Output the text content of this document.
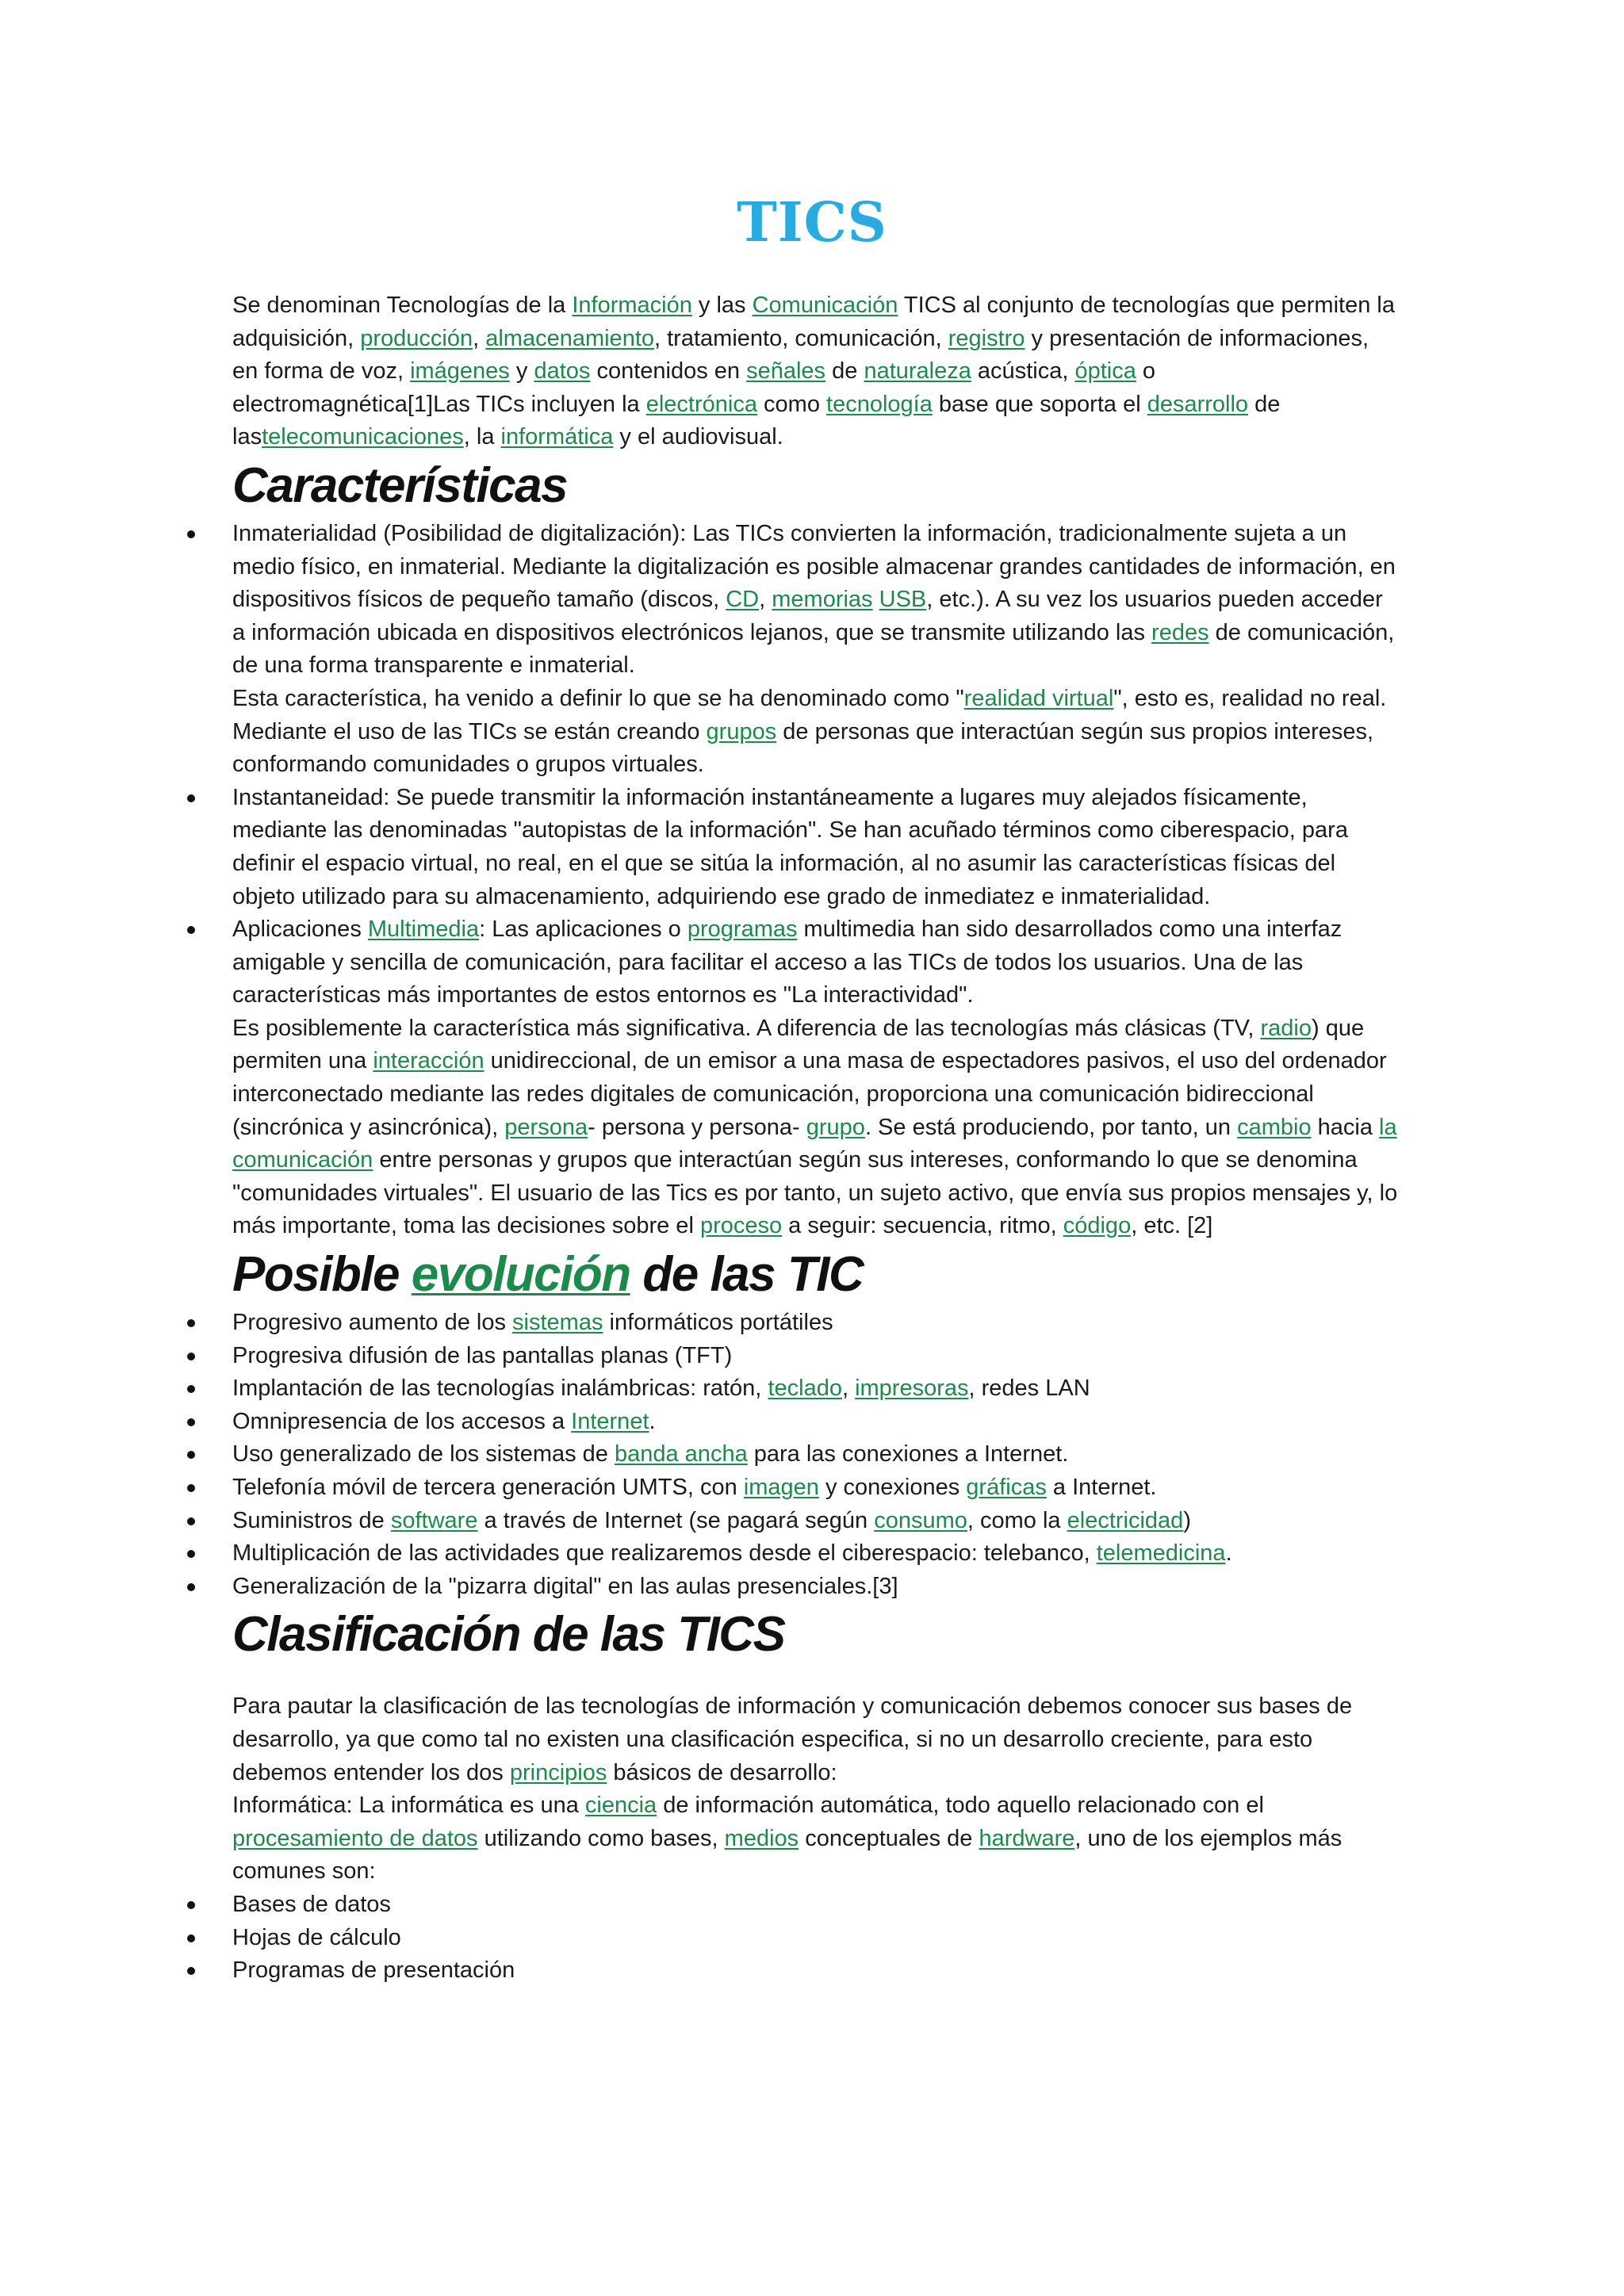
TICS

Se denominan Tecnologías de la Información y las Comunicación TICS al conjunto de tecnologías que permiten la adquisición, producción, almacenamiento, tratamiento, comunicación, registro y presentación de informaciones, en forma de voz, imágenes y datos contenidos en señales de naturaleza acústica, óptica o electromagnética[1]Las TICs incluyen la electrónica como tecnología base que soporta el desarrollo de lastelecomunicaciones, la informática y el audiovisual.

Características
Inmaterialidad (Posibilidad de digitalización): Las TICs convierten la información, tradicionalmente sujeta a un medio físico, en inmaterial. Mediante la digitalización es posible almacenar grandes cantidades de información, en dispositivos físicos de pequeño tamaño (discos, CD, memorias USB, etc.). A su vez los usuarios pueden acceder a información ubicada en dispositivos electrónicos lejanos, que se transmite utilizando las redes de comunicación, de una forma transparente e inmaterial.
Esta característica, ha venido a definir lo que se ha denominado como "realidad virtual", esto es, realidad no real. Mediante el uso de las TICs se están creando grupos de personas que interactúan según sus propios intereses, conformando comunidades o grupos virtuales.
Instantaneidad: Se puede transmitir la información instantáneamente a lugares muy alejados físicamente, mediante las denominadas "autopistas de la información". Se han acuñado términos como ciberespacio, para definir el espacio virtual, no real, en el que se sitúa la información, al no asumir las características físicas del objeto utilizado para su almacenamiento, adquiriendo ese grado de inmediatez e inmaterialidad.
Aplicaciones Multimedia: Las aplicaciones o programas multimedia han sido desarrollados como una interfaz amigable y sencilla de comunicación, para facilitar el acceso a las TICs de todos los usuarios. Una de las características más importantes de estos entornos es "La interactividad".
Es posiblemente la característica más significativa. A diferencia de las tecnologías más clásicas (TV, radio) que permiten una interacción unidireccional, de un emisor a una masa de espectadores pasivos, el uso del ordenador interconectado mediante las redes digitales de comunicación, proporciona una comunicación bidireccional (sincrónica y asincrónica), persona- persona y persona- grupo. Se está produciendo, por tanto, un cambio hacia la comunicación entre personas y grupos que interactúan según sus intereses, conformando lo que se denomina "comunidades virtuales". El usuario de las Tics es por tanto, un sujeto activo, que envía sus propios mensajes y, lo más importante, toma las decisiones sobre el proceso a seguir: secuencia, ritmo, código, etc. [2]
Posible evolución de las TIC
Progresivo aumento de los sistemas informáticos portátiles
Progresiva difusión de las pantallas planas (TFT)
Implantación de las tecnologías inalámbricas: ratón, teclado, impresoras, redes LAN
Omnipresencia de los accesos a Internet.
Uso generalizado de los sistemas de banda ancha para las conexiones a Internet.
Telefonía móvil de tercera generación UMTS, con imagen y conexiones gráficas a Internet.
Suministros de software a través de Internet (se pagará según consumo, como la electricidad)
Multiplicación de las actividades que realizaremos desde el ciberespacio: telebanco, telemedicina.
Generalización de la "pizarra digital" en las aulas presenciales.[3]
Clasificación de las TICS

Para pautar la clasificación de las tecnologías de información y comunicación debemos conocer sus bases de desarrollo, ya que como tal no existen una clasificación especifica, si no un desarrollo creciente, para esto debemos entender los dos principios básicos de desarrollo:
Informática: La informática es una ciencia de información automática, todo aquello relacionado con el procesamiento de datos utilizando como bases, medios conceptuales de hardware, uno de los ejemplos más comunes son:

Bases de datos
Hojas de cálculo
Programas de presentación
